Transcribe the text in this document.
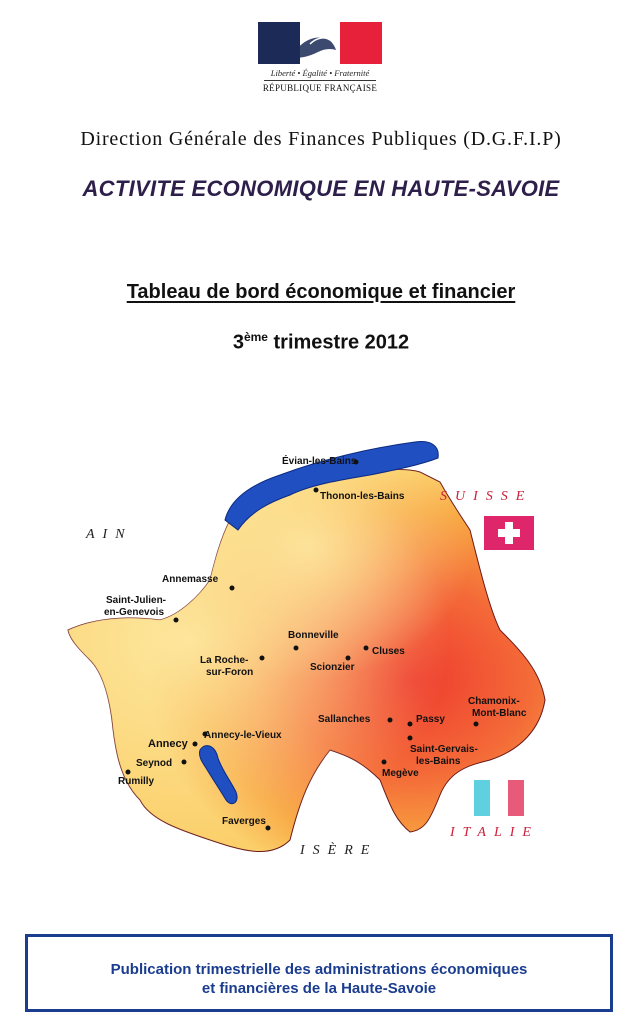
Liberté • Égalité • Fraternité
RÉPUBLIQUE FRANÇAISE
Direction Générale des Finances Publiques (D.G.F.I.P)
ACTIVITE ECONOMIQUE EN HAUTE-SAVOIE
Tableau de bord économique et financier
3ème trimestre 2012
AIN
SUISSE
ITALIE
ISÈRE
Évian-les-Bains
Thonon-les-Bains
Annemasse
Saint-Julien-
en-Genevois
Bonneville
Cluses
Scionzier
La Roche-
sur-Foron
Chamonix-
Mont-Blanc
Sallanches	Passy
Annecy-le-Vieux
Annecy	Saint-Gervais-
les-Bains
Seynod
Rumilly
Megève
Faverges
Publication trimestrielle des administrations économiques
et financières de la Haute-Savoie
